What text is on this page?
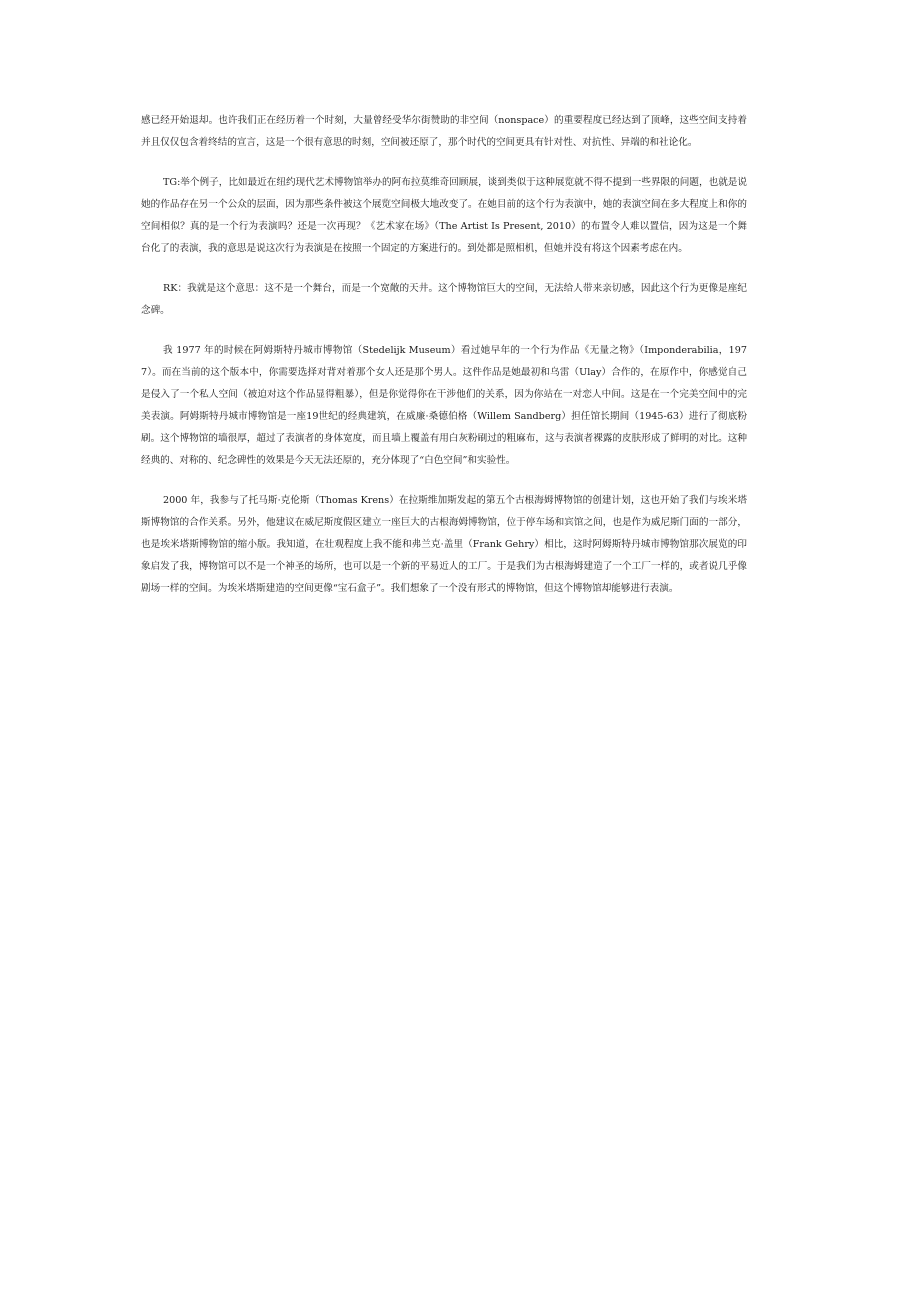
感已经开始退却。也许我们正在经历着一个时刻，大量曾经受华尔街赞助的非空间（nonspace）的重要程度已经达到了顶峰，这些空间支持着并且仅仅包含着终结的宣言，这是一个很有意思的时刻，空间被还原了，那个时代的空间更具有针对性、对抗性、异端的和社论化。

TG:举个例子，比如最近在纽约现代艺术博物馆举办的阿布拉莫维奇回顾展，谈到类似于这种展览就不得不提到一些界限的问题，也就是说她的作品存在另一个公众的层面，因为那些条件被这个展览空间极大地改变了。在她目前的这个行为表演中，她的表演空间在多大程度上和你的空间相似？真的是一个行为表演吗？还是一次再现？《艺术家在场》（The Artist Is Present, 2010）的布置令人难以置信，因为这是一个舞台化了的表演，我的意思是说这次行为表演是在按照一个固定的方案进行的。到处都是照相机，但她并没有将这个因素考虑在内。

RK：我就是这个意思：这不是一个舞台，而是一个宽敞的天井。这个博物馆巨大的空间，无法给人带来亲切感，因此这个行为更像是座纪念碑。

我 1977 年的时候在阿姆斯特丹城市博物馆（Stedelijk Museum）看过她早年的一个行为作品《无量之物》（Imponderabilia，1977）。而在当前的这个版本中，你需要选择对背对着那个女人还是那个男人。这件作品是她最初和乌雷（Ulay）合作的，在原作中，你感觉自己是侵入了一个私人空间（被迫对这个作品显得粗暴），但是你觉得你在干涉他们的关系，因为你站在一对恋人中间。这是在一个完美空间中的完美表演。阿姆斯特丹城市博物馆是一座19世纪的经典建筑，在威廉·桑德伯格（Willem Sandberg）担任馆长期间（1945-63）进行了彻底粉刷。这个博物馆的墙很厚，超过了表演者的身体宽度，而且墙上覆盖有用白灰粉刷过的粗麻布，这与表演者裸露的皮肤形成了鲜明的对比。这种经典的、对称的、纪念碑性的效果是今天无法还原的，充分体现了“白色空间”和实验性。

2000 年，我参与了托马斯·克伦斯（Thomas Krens）在拉斯维加斯发起的第五个古根海姆博物馆的创建计划，这也开始了我们与埃米塔斯博物馆的合作关系。另外，他建议在威尼斯度假区建立一座巨大的古根海姆博物馆，位于停车场和宾馆之间，也是作为威尼斯门面的一部分，也是埃米塔斯博物馆的缩小版。我知道，在壮观程度上我不能和弗兰克·盖里（Frank Gehry）相比，这时阿姆斯特丹城市博物馆那次展览的印象启发了我，博物馆可以不是一个神圣的场所，也可以是一个新的平易近人的工厂。于是我们为古根海姆建造了一个工厂一样的，或者说几乎像剧场一样的空间。为埃米塔斯建造的空间更像“宝石盒子”。我们想象了一个没有形式的博物馆，但这个博物馆却能够进行表演。
